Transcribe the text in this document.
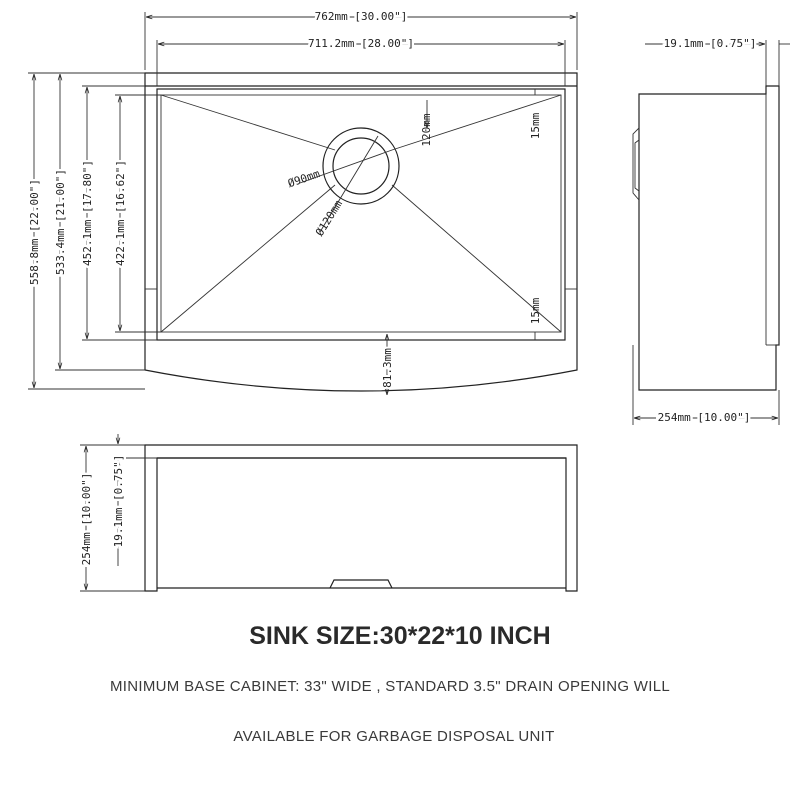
762mm [30.00"]
711.2mm [28.00"]
558.8mm [22.00"] 533.4mm [21.00"] 452.1mm [17.80"] 422.1mm [16.62"]
120mm	15mm
15mm
Ø90mm
Ø120mm
81.3mm
19.1mm [0.75"]
254mm [10.00"]
254mm [10.00"] 19.1mm [0.75"]
SINK SIZE:30*22*10 INCH
MINIMUM BASE CABINET: 33" WIDE , STANDARD 3.5" DRAIN OPENING WILL
AVAILABLE FOR GARBAGE DISPOSAL UNIT
